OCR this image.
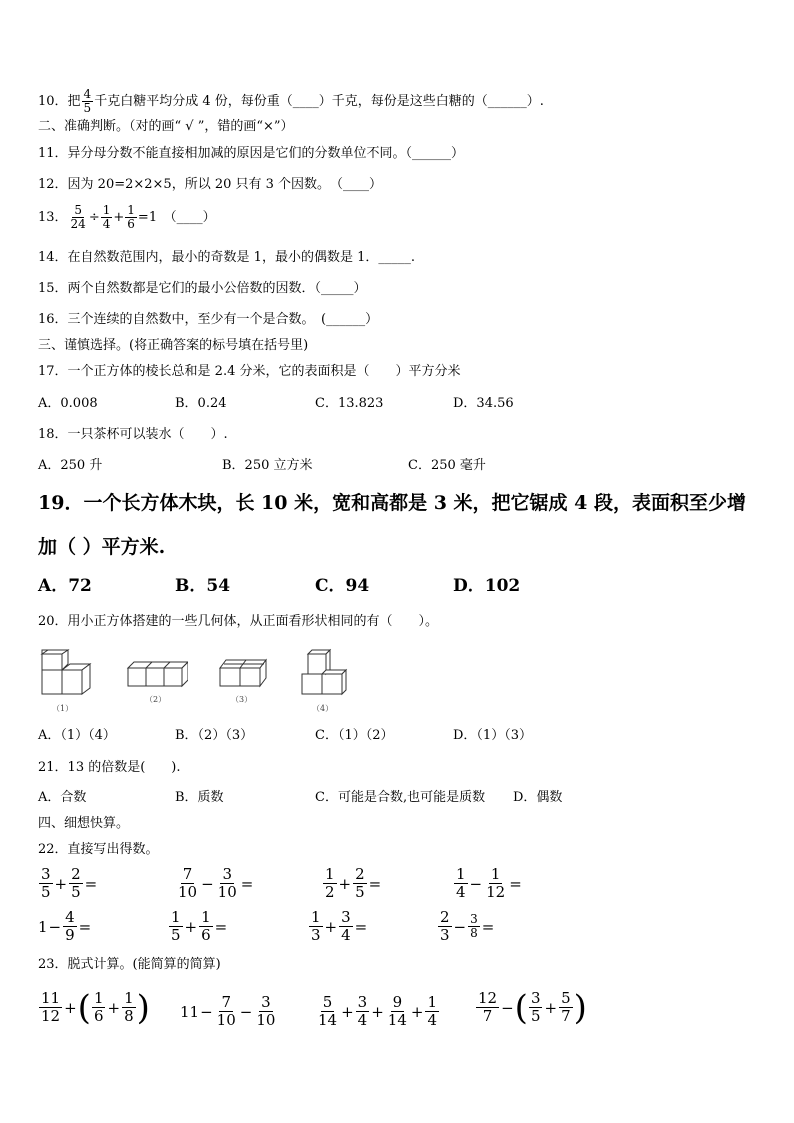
10．把 $\frac{4}{5}$ 千克白糖平均分成 4 份，每份重（____）千克，每份是这些白糖的（______）.
二、准确判断。（对的画“ √ ”，错的画“×”）
11．异分母分数不能直接相加减的原因是它们的分数单位不同。（______）
12．因为 20=2×2×5，所以 20 只有 3 个因数。　（____）
13． $\frac{5}{24} \div \frac{1}{4} + \frac{1}{6} =1$　（____）
14．在自然数范围内，最小的奇数是 1，最小的偶数是 1．_____.
15．两个自然数都是它们的最小公倍数的因数．（_____）
16．三个连续的自然数中，至少有一个是合数。　(______）
三、谨慎选择。(将正确答案的标号填在括号里)
17．一个正方体的棱长总和是 2.4 分米，它的表面积是（　　）平方分米
A．0.008	B．0.24	C．13.823	D．34.56
18．一只茶杯可以装水（　　）.
A．250 升	B．250 立方米	C．250 毫升
19．一个长方体木块，长 10 米，宽和高都是 3 米，把它锯成 4 段，表面积至少增加（ ）平方米.
A．72	B．54	C．94	D．102
20．用小正方体搭建的一些几何体，从正面看形状相同的有（　　）。
（1）
（2）	（3）
（4）
A．（1）（4）	B．（2）（3）	C．（1）（2）	D．（1）（3）
21．13 的倍数是(　　).
A．合数	B．质数	C．可能是合数,也可能是质数 D．偶数
四、细想快算。
22．直接写出得数。
$\frac{3}{5} + \frac{2}{5}$ =	$\frac{7}{10} - \frac{3}{10}$ =	$\frac{1}{2} + \frac{2}{5}$ =	$\frac{1}{4} - \frac{1}{12}$ =
$1 - \frac{4}{9}$ =	$\frac{1}{5} + \frac{1}{6}$ =	$\frac{1}{3} + \frac{3}{4}$ =	$\frac{2}{3} - \frac{3}{8}$ =
23．脱式计算。(能简算的简算)
$\frac{11}{12}$ + ( $\frac{1}{6} + \frac{1}{8}$ ) $11 - \frac{7}{10} - \frac{3}{10}$	$\frac{5}{14} + \frac{3}{4} + \frac{9}{14} + \frac{1}{4} \frac{12}{7}$ − ( $\frac{3}{5} + \frac{5}{7}$ )
